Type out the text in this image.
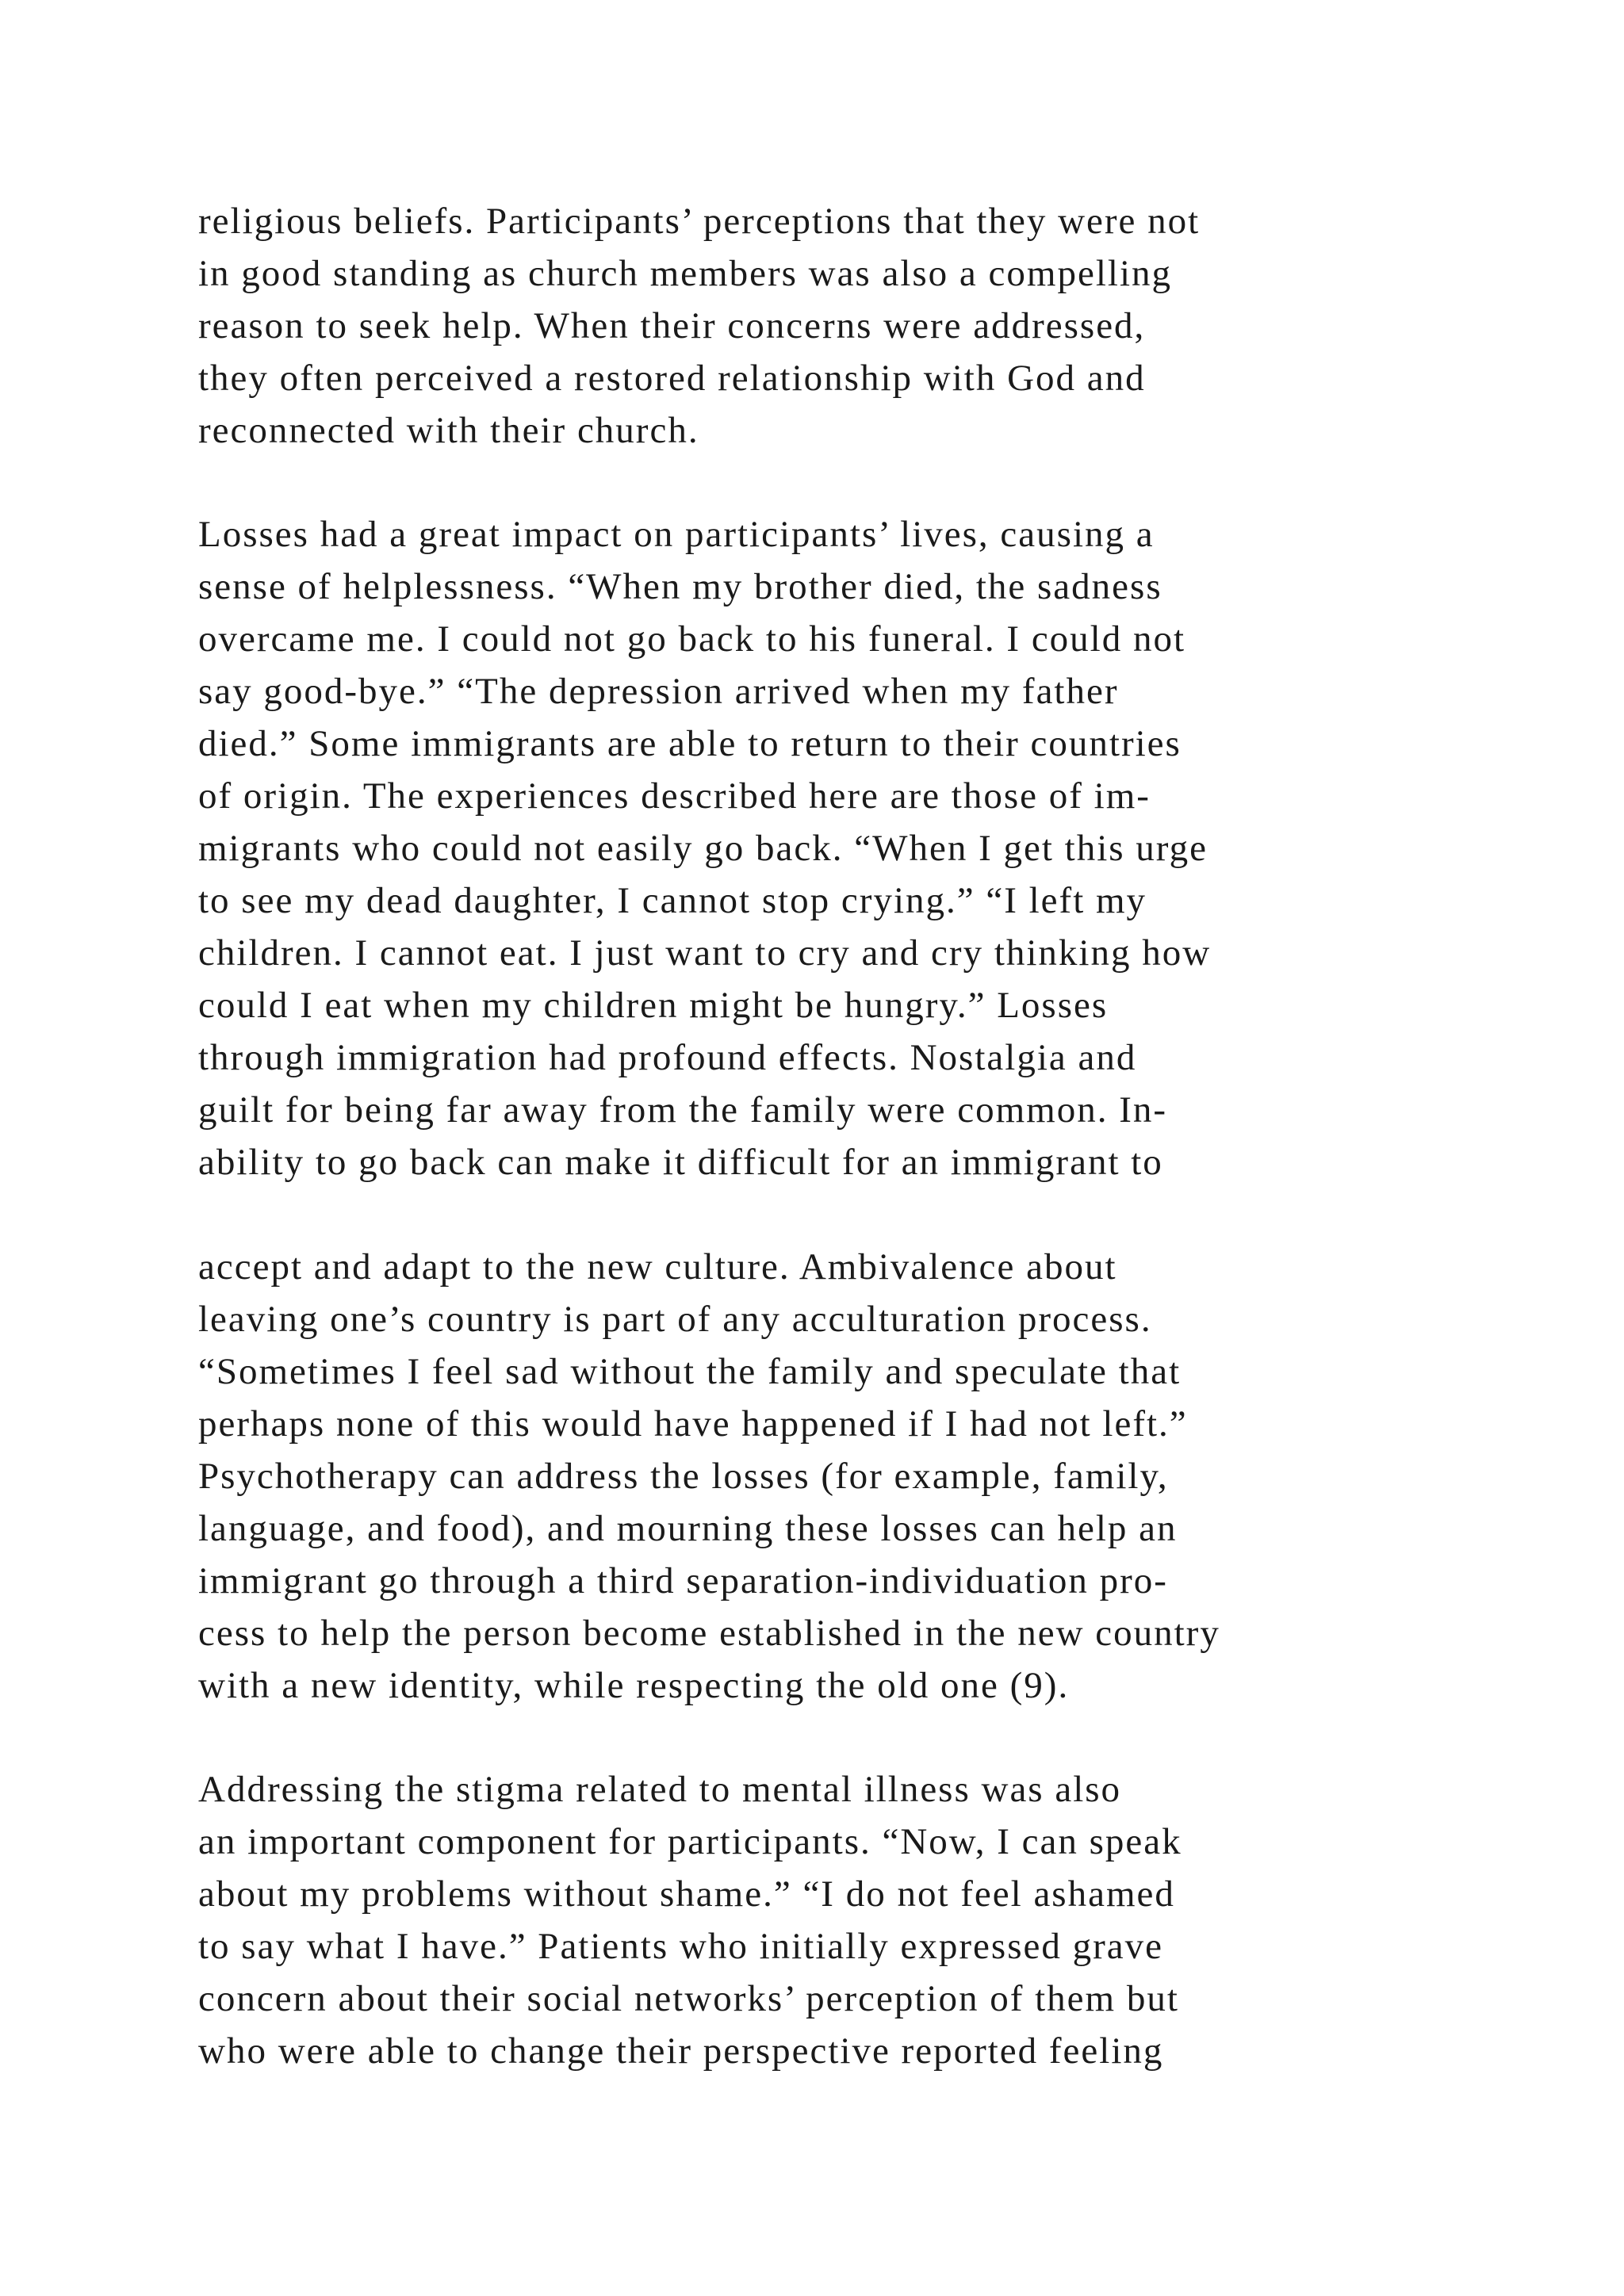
religious beliefs. Participants’ perceptions that they were not

in good standing as church members was also a compelling

reason to seek help. When their concerns were addressed,

they often perceived a restored relationship with God and

reconnected with their church.

Losses had a great impact on participants’ lives, causing a

sense of helplessness. “When my brother died, the sadness

overcame me. I could not go back to his funeral. I could not

say good-bye.” “The depression arrived when my father

died.” Some immigrants are able to return to their countries

of origin. The experiences described here are those of im-

migrants who could not easily go back. “When I get this urge

to see my dead daughter, I cannot stop crying.” “I left my

children. I cannot eat. I just want to cry and cry thinking how

could I eat when my children might be hungry.” Losses

through immigration had profound effects. Nostalgia and

guilt for being far away from the family were common. In-

ability to go back can make it difficult for an immigrant to

accept and adapt to the new culture. Ambivalence about

leaving one’s country is part of any acculturation process.

“Sometimes I feel sad without the family and speculate that

perhaps none of this would have happened if I had not left.”

Psychotherapy can address the losses (for example, family,

language, and food), and mourning these losses can help an

immigrant go through a third separation-individuation pro-

cess to help the person become established in the new country

with a new identity, while respecting the old one (9).

Addressing the stigma related to mental illness was also

an important component for participants. “Now, I can speak

about my problems without shame.” “I do not feel ashamed

to say what I have.” Patients who initially expressed grave

concern about their social networks’ perception of them but

who were able to change their perspective reported feeling
